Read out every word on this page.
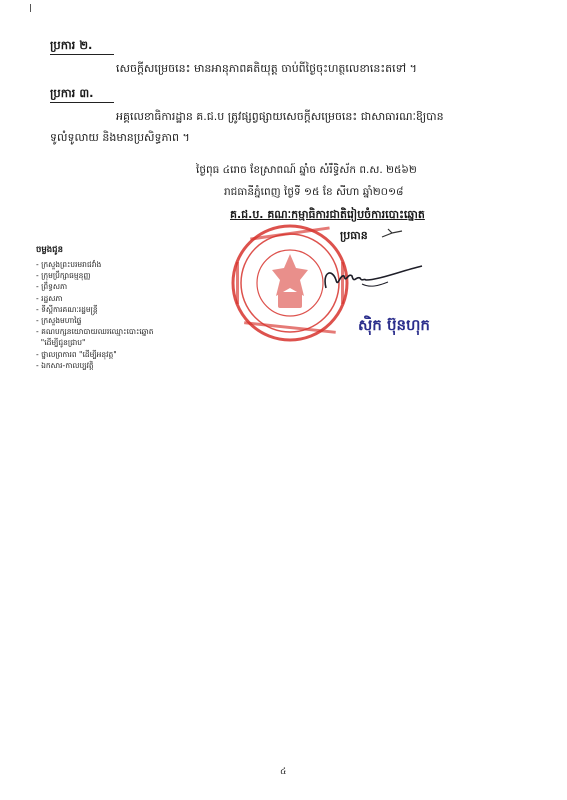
ប្រការ ២.
សេចក្តីសម្រេចនេះ មានអានុភាពគតិយុត្ត ចាប់ពីថ្ងៃចុះហត្ថលេខានេះតទៅ ។
ប្រការ ៣.
អគ្គលេខាធិការដ្ឋាន គ.ជ.ប ត្រូវផ្សព្វផ្សាយសេចក្តីសម្រេចនេះ ជាសាធារណៈឱ្យបាន
ទូលំទូលាយ និងមានប្រសិទ្ធភាព ។
ថ្ងៃពុធ ៤រោច ខែស្រាពណ៍ ឆ្នាំច សំរឹទ្ធិស័ក ព.ស. ២៥៦២
រាជធានីភ្នំពេញ ថ្ងៃទី ១៥ ខែ សីហា ឆ្នាំ២០១៨
គ.ជ.ប. គណៈកម្មាធិការជាតិរៀបចំការបោះឆ្នោត
ប្រធាន
ស៊ិក ប៊ុនហុក
ចម្លងជូន
- ក្រសួងព្រះបរមរាជវាំង
- ក្រុមប្រឹក្សាធម្មនុញ្ញ
- ព្រឹទ្ធសភា
- រដ្ឋសភា
- ទីស្តីការគណៈរដ្ឋមន្ត្រី
- ក្រសួងមហាផ្ទៃ
- គណបក្សនយោបាយឈរឈ្មោះបោះឆ្នោត
"ដើម្បីជូនជ្រាប"
- ថ្នាលព្រការព "ដើម្បីអនុវត្ត"
- ឯកសារ-កាលប្បវត្តិ
៤
